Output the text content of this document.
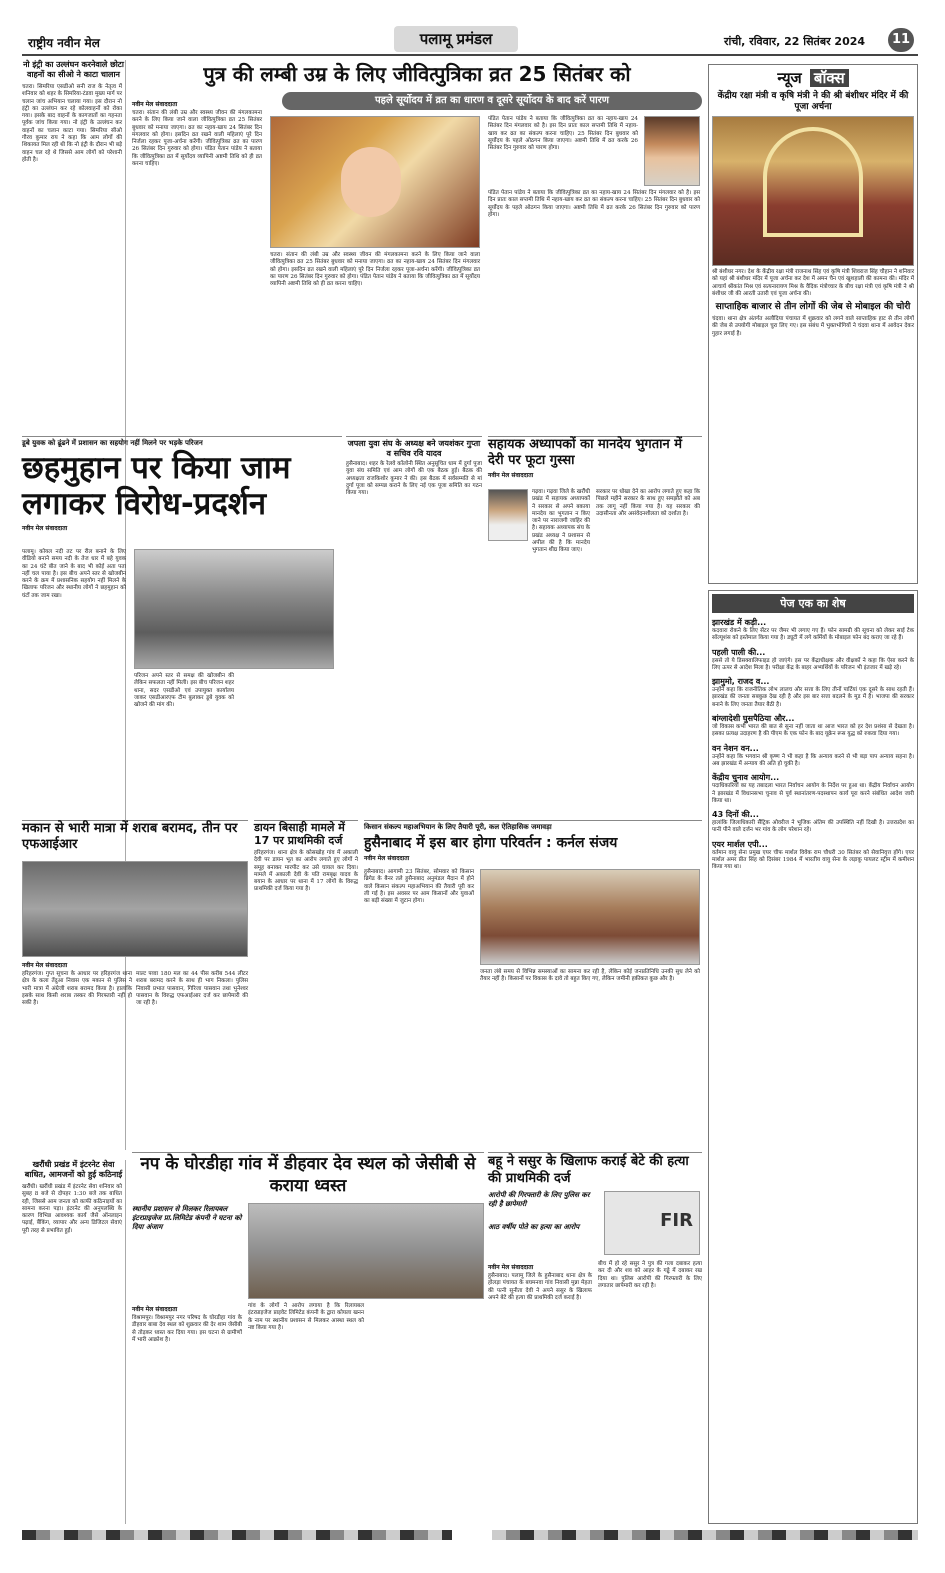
राष्ट्रीय नवीन मेल	पलामू प्रमंडल	रांची, रविवार, 22 सितंबर 2024	11
नो इंट्री का उल्लंघन करनेवाले छोटा वाहनों का सीओ ने काटा चालान

चतरा। सिमरिया एसडीओ सनी राज के नेतृत्व में शनिवार को शहर के सिमरिया-टंडवा मुख्य मार्ग पर चलान जांच अभियान चलाया गया। इस दौरान नो इंट्री का उल्लंघन कर रहे कोलवाहनों को रोका गया। इसके बाद वाहनों के कागजातों का गहनता पूर्वक जांच किया गया। नो इंट्री के उल्लंघन कर वाहनों का चलान काटा गया। सिमरिया सीओ गौरव कुमार राय ने कहा कि आम लोगों की शिकायत मिल रही थी कि नो इंट्री के दौरान भी बड़े वाहन चल रहे थे जिससे आम लोगों को परेशानी होती है।

खरौंधी प्रखंड में इंटरनेट सेवा बाधित, आमजनों को हुई कठिनाई

खरौंधी। खरौंधी प्रखंड में इंटरनेट सेवा शनिवार को सुबह 8 बजे से दोपहर 1:30 बजे तक बाधित रही, जिससे आम जनता को काफी कठिनाइयों का सामना करना पड़ा। इंटरनेट की अनुपलब्धि के कारण विभिन्न आवश्यक कार्य जैसे ऑनलाइन पढ़ाई, बैंकिंग, व्यापार और अन्य डिजिटल सेवाएं पूरी तरह से प्रभावित हुईं।

पुत्र की लम्बी उम्र के लिए जीवित्पुत्रिका व्रत 25 सितंबर को
पहले सूर्योदय में व्रत का धारण व दूसरे सूर्योदय के बाद करें पारण
नवीन मेल संवाददाता

चतरा। संतान की लंबी उम्र और स्वस्थ्य जीवन की मंगलकामना करने के लिए किया जाने वाला जीवित्पुत्रिका व्रत 25 सितंबर बुधवार को मनाया जाएगा। व्रत का नहाय-खाय 24 सितंबर दिन मंगलवार को होगा। इसदिन व्रत रखने वाली महिलाएं पूरे दिन निर्जला रहकर पूजा-अर्चना करेंगी। जीवित्पुत्रिका व्रत का पारण 26 सितंबर दिन गुरुवार को होगा। पंडित पेतान पांडेय ने बताया कि जीवित्पुत्रिका व्रत में सूर्योदय व्यापिनी अष्टमी तिथि को ही व्रत करना चाहिए।

पंडित पेतान पांडेय ने बताया कि जीवित्पुत्रिका व्रत का नहाय-खाय 24 सितंबर दिन मंगलवार को है। इस दिन प्रातः काल सप्तमी तिथि में नहाय-खाय कर व्रत का संकल्प करना चाहिए। 25 सितंबर दिन बुधवार को सूर्योदय के पहले ओठगन किया जाएगा। अष्टमी तिथि में व्रत करके 26 सितंबर दिन गुरुवार को पारण होगा।

चतरा। संतान की लंबी उम्र और स्वस्थ्य जीवन की मंगलकामना करने के लिए किया जाने वाला जीवित्पुत्रिका व्रत 25 सितंबर बुधवार को मनाया जाएगा। व्रत का नहाय-खाय 24 सितंबर दिन मंगलवार को होगा। इसदिन व्रत रखने वाली महिलाएं पूरे दिन निर्जला रहकर पूजा-अर्चना करेंगी। जीवित्पुत्रिका व्रत का पारण 26 सितंबर दिन गुरुवार को होगा। पंडित पेतान पांडेय ने बताया कि जीवित्पुत्रिका व्रत में सूर्योदय व्यापिनी अष्टमी तिथि को ही व्रत करना चाहिए।

पंडित पेतान पांडेय ने बताया कि जीवित्पुत्रिका व्रत का नहाय-खाय 24 सितंबर दिन मंगलवार को है। इस दिन प्रातः काल सप्तमी तिथि में नहाय-खाय कर व्रत का संकल्प करना चाहिए। 25 सितंबर दिन बुधवार को सूर्योदय के पहले ओठगन किया जाएगा। अष्टमी तिथि में व्रत करके 26 सितंबर दिन गुरुवार को पारण होगा।

न्यूज बॉक्स
केंद्रीय रक्षा मंत्री व कृषि मंत्री ने की श्री बंशीधर मंदिर में की पूजा अर्चना

श्री बंशीधर नगर। देश के केंद्रीय रक्षा मंत्री राजनाथ सिंह एवं कृषि मंत्री शिवराज सिंह चौहान ने शनिवार को यहां श्री बंशीधर मंदिर में पूजा अर्चना कर देश में अमन चैन एवं खुशहाली की कामना की। मंदिर में आचार्य श्रीकांत मिश्र एवं सत्यनारायण मिश्र के वैदिक मंत्रोच्चार के बीच रक्षा मंत्री एवं कृषि मंत्री ने श्री बंशीधर जी की आरती उतारी एवं पूजा अर्चना की।

साप्ताहिक बाजार से तीन लोगों की जेब से मोबाइल की चोरी

चंदवा। थाना क्षेत्र अंतर्गत अलौदिया पंचायत में शुक्रवार को लगने वाले साप्ताहिक हाट से तीन लोगों की जेब से उपयोगी मोबाइल चुरा लिए गए। इस संबंध में भुक्तभोगियों ने चंदवा थाना में आवेदन देकर गुहार लगाई है।

डूबे युवक को ढूंढने में प्रशासन का सहयोग नहीं मिलने पर भड़के परिजन
छहमुहान पर किया जाम लगाकर विरोध-प्रदर्शन
नवीन मेल संवाददाता

पलामू। कोयल नदी तट पर रील बनाने के लिए वीडियो बनाने समय नदी के तेज धार में बहे युवक का 24 घंटे बीत जाने के बाद भी कोई अता पता नहीं चल पाया है। इस बीच अपने स्तर से खोजबीन करने के क्रम में प्रशासनिक सहयोग नहीं मिलने के खिलाफ परिजन और स्थानीय लोगों ने छहमुहान को घंटों तक जाम रखा।

परिजन अपने स्तर से समक्ष की खोजबीन की लेकिन सफलता नहीं मिली। इस बीच परिजन शहर थाना, सदर एसडीओ एवं उपायुक्त कार्यालय जाकर एसडीआरएफ टीम बुलाकर डूबे युवक को खोजने की मांग की।

जपला युवा संघ के अध्यक्ष बने जयशंकर गुप्ता व सचिव रवि यादव

हुसैनाबाद। शहर के रेलवे कॉलोनी स्थित अनुसूचित धाम में दुर्गा पूजा युवा संघ समिति एवं आम लोगों की एक बैठक हुई। बैठक की अध्यक्षता राजकिशोर कुमार ने की। इस बैठक में सर्वसम्मति से मां दुर्गा पूजा को सम्पन्न कराने के लिए नई एक पूजा समिति का गठन किया गया।

सहायक अध्यापकों का मानदेय भुगतान में देरी पर फूटा गुस्सा
नवीन मेल संवाददाता

गढ़वा। गढ़वा जिले के खरौंधी प्रखंड में सहायक अध्यापकों ने सरकार से अपने बकाया मानदेय का भुगतान न किए जाने पर नाराजगी जाहिर की है। सहायक अध्यापक संघ के प्रखंड अध्यक्ष ने प्रशासन से अपील की है कि मानदेय भुगतान शीघ्र किया जाए।

सरकार पर धोखा देने का आरोप लगाते हुए कहा कि पिछले महीने सरकार के साथ हुए समझौते को अब तक लागू नहीं किया गया है। यह सरकार की उदासीनता और असंवेदनशीलता को दर्शाता है।

पेज एक का शेष
झारखंड में कड़ी...
कदवारा रोकने के लिए सेंटर पर जैमर भी लगाए गए हैं। फोन सामग्री की सूचना को लेकर साई टेक सॉल्यूशंस को इस्तेमाल किया गया है। ड्यूटी में लगे कर्मियों के मोबाइल फोन बंद कराए जा रहे हैं।
पहली पाली की...
इससे तो ये डिसक्वालिफाइड हो जाएंगे। इस पर केंद्राधीक्षक और वीक्षकों ने कहा कि ऐसा करने के लिए ऊपर से आदेश मिला है। परीक्षा केंद्र के बाहर अभ्यर्थियों के परिजन भी इंतजार में खड़े रहे।
झामुमो, राजद व...
उन्होंने कहा कि राजनीतिक लोभ लालच और सत्ता के लिए तीनों पार्टियां एक दूसरे के साथ रहती हैं। झारखंड की जनता सबकुछ देख रही है और इस बार सत्ता बदलने के मूड में है। भाजपा की सरकार बनाने के लिए जनता तैयार बैठी है।
बांग्लादेशी घुसपैठिया और...
जो विकास कभी भारत की बात से सुना नहीं जाता था आज भारत को हर देश प्रशंसा से देखता है। इसका प्रत्यक्ष उदाहरण है की पीएम के एक फोन के बाद यूक्रेन रूस युद्ध को रुकवा दिया गया।
वन नेशन वन...
उन्होंने कहा कि भगवान श्री कृष्ण ने भी कहा है कि अन्याय करने से भी बड़ा पाप अन्याय सहना है। अब झारखंड में अन्याय की अति हो चुकी है।
केंद्रीय चुनाव आयोग...
पदाधिकारियों का यह तबादला भारत निर्वाचन आयोग के निर्देश पर हुआ था। केंद्रीय निर्वाचन आयोग ने झारखंड में विधानसभा चुनाव से पूर्व स्थानांतरण-पदस्थापन कार्य पूरा करने संबंधित आदेश जारी किया था।
43 दिनों की...
हालांकि जिलाधिकारी सैंट्रिक ओवरीज ने भूजिक अंतिम की उपस्थिति नहीं दिखी है। उत्तरप्रदेश का पानी पीने वाले दर्जन भर गांव के लोग परेशान रहे।
एयर मार्शल एपी...
वर्तमान वायु सेना प्रमुख एयर चीफ मार्शल विवेक राम चौधरी 30 सितंबर को सेवानिवृत्त होंगे। एयर मार्शल अमर प्रीत सिंह को दिसंबर 1984 में भारतीय वायु सेना के लड़ाकू पायलट स्ट्रीम में कमीशन किया गया था।
मकान से भारी मात्रा में शराब बरामद, तीन पर एफआईआर
नवीन मेल संवाददाता

हरिहरगंज। गुप्त सूचना के आधार पर हरिहरगंज थाना क्षेत्र के कला तेंदुआ निवास एक मकान से पुलिस ने भारी मात्रा में अंग्रेजी शराब बरामद किया है। हालांकि इसके साथ किसी शराब तस्कर की गिरफ्तारी नहीं हो सकी है।

माल्ट पव्वा 180 मल का 44 पीस करीब 544 लीटर शराब बरामद करने के साथ ही भाग निकला। पुलिस निवासी प्रभात पासवान, गिरिजा पासवान तथा भुनेश्वर पासवान के विरुद्ध एफआईआर दर्ज कर छापेमारी की जा रही है।

डायन बिसाही मामले में 17 पर प्राथमिकी दर्ज

हरिहरगंज। थाना क्षेत्र के कोसखोह गांव में अकाली देवी पर डायन भूत का आरोप लगाते हुए लोगों ने समूह बनाकर मारपीट कर उसे घायल कर दिया। मामले में अकाली देवी के पति रामबृक्ष यादव के बयान के आधार पर थाना में 17 लोगों के विरुद्ध प्राथमिकी दर्ज किया गया है।

किसान संकल्प महाअभियान के लिए तैयारी पूरी, कल ऐतिहासिक जमावड़ा
हुसैनाबाद में इस बार होगा परिवर्तन : कर्नल संजय
नवीन मेल संवाददाता

हुसैनाबाद। आगामी 23 सितंबर, सोमवार को किसान ब्रिगेड के बैनर तले हुसैनाबाद अनुमंडल मैदान में होने वाले किसान संकल्प महाअभियान की तैयारी पूरी कर ली गई है। इस अवसर पर आम किसानों और युवाओं का बड़ी संख्या में जुटान होगा।

जनता लंबे समय से विभिन्न समस्याओं का सामना कर रही है, लेकिन कोई जनप्रतिनिधि उनकी सुध लेने को तैयार नहीं है। किसानों पर विकास के दावे तो बहुत किए गए, लेकिन जमीनी हकीकत कुछ और है।

नप के घोरडीहा गांव में डीहवार देव स्थल को जेसीबी से कराया ध्वस्त
स्थानीय प्रशासन से मिलकर रिलायबल इंटरप्राइजेज प्रा.लिमिटेड कंपनी ने घटना को दिया अंजाम
नवीन मेल संवाददाता

विश्रामपुर। विश्रामपुर नगर परिषद के घोरडीहा गांव के डीहवार बाबा देव स्थल को शुक्रवार की देर शाम जेसीबी से तोड़कर ध्वस्त कर दिया गया। इस घटना से ग्रामीणों में भारी आक्रोश है।

गांव के लोगों ने आरोप लगाया है कि रिलायबल इंटरप्राइजेज प्राइवेट लिमिटेड कंपनी के द्वारा कोयला खनन के नाम पर स्थानीय प्रशासन से मिलकर आस्था स्थल को नष्ट किया गया है।

बहू ने ससुर के खिलाफ कराई बेटे की हत्या की प्राथमिकी दर्ज
आरोपी की गिरफ्तारी के लिए पुलिस कर रही है छापेमारी
आठ वर्षीय पोते का हत्या का आरोप	FIR
नवीन मेल संवाददाता

हुसैनाबाद। पलामू जिले के हुसैनाबाद थाना क्षेत्र के होलड़ा पंचायत के बघमनवा गांव निवासी मुन्ना मेहता की पत्नी सुनीता देवी ने अपने ससुर के खिलाफ अपने बेटे की हत्या की प्राथमिकी दर्ज कराई है।

बीच में हो रहे ससुर ने पुत्र की गला दबाकर हत्या कर दी और शव को आहर के गड्ढे में दबाकर रख दिया था। पुलिस आरोपी की गिरफ्तारी के लिए लगातार छापेमारी कर रही है।
